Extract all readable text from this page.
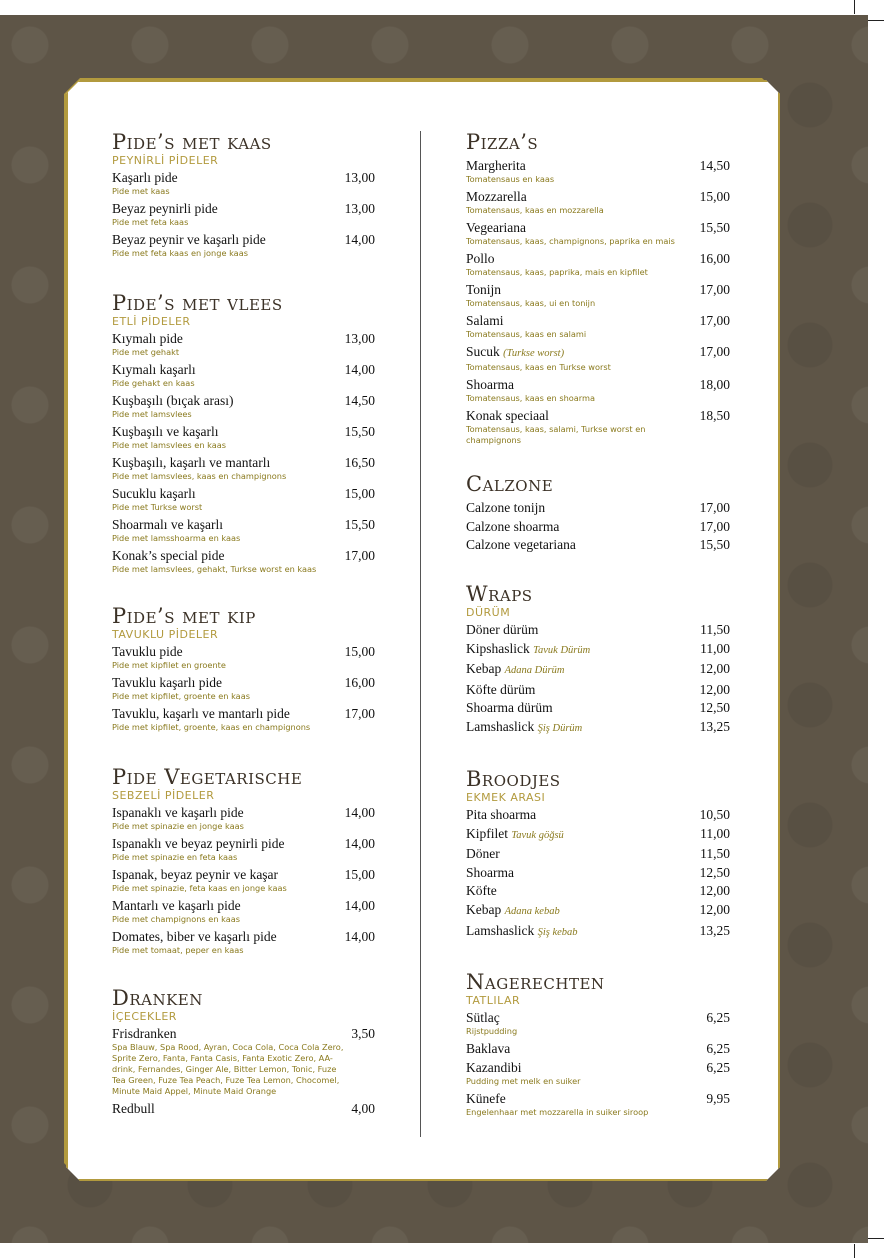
Pide’s met kaas
PEYNİRLİ PİDELER
Kaşarlı pide	13,00
Pide met kaas
Beyaz peynirli pide	13,00
Pide met feta kaas
Beyaz peynir ve kaşarlı pide	14,00
Pide met feta kaas en jonge kaas
Pide’s met vlees
ETLİ PİDELER
Kıymalı pide	13,00
Pide met gehakt
Kıymalı kaşarlı	14,00
Pide gehakt en kaas
Kuşbaşılı (bıçak arası)	14,50
Pide met lamsvlees
Kuşbaşılı ve kaşarlı	15,50
Pide met lamsvlees en kaas
Kuşbaşılı, kaşarlı ve mantarlı	16,50
Pide met lamsvlees, kaas en champignons
Sucuklu kaşarlı	15,00
Pide met Turkse worst
Shoarmalı ve kaşarlı	15,50
Pide met lamsshoarma en kaas
Konak’s special pide	17,00
Pide met lamsvlees, gehakt, Turkse worst en kaas
Pide’s met kip
TAVUKLU PİDELER
Tavuklu pide	15,00
Pide met kipfilet en groente
Tavuklu kaşarlı pide	16,00
Pide met kipfilet, groente en kaas
Tavuklu, kaşarlı ve mantarlı pide	17,00
Pide met kipfilet, groente, kaas en champignons
Pide Vegetarische
SEBZELİ PİDELER
Ispanaklı ve kaşarlı pide	14,00
Pide met spinazie en jonge kaas
Ispanaklı ve beyaz peynirli pide	14,00
Pide met spinazie en feta kaas
Ispanak, beyaz peynir ve kaşar	15,00
Pide met spinazie, feta kaas en jonge kaas
Mantarlı ve kaşarlı pide	14,00
Pide met champignons en kaas
Domates, biber ve kaşarlı pide	14,00
Pide met tomaat, peper en kaas
Dranken
İÇECEKLER
Frisdranken	3,50
Spa Blauw, Spa Rood, Ayran, Coca Cola, Coca Cola Zero, Sprite Zero, Fanta, Fanta Casis, Fanta Exotic Zero, AA-drink, Fernandes, Ginger Ale, Bitter Lemon, Tonic, Fuze Tea Green, Fuze Tea Peach, Fuze Tea Lemon, Chocomel, Minute Maid Appel, Minute Maid Orange
Redbull	4,00
Pizza’s
Margherita	14,50
Tomatensaus en kaas
Mozzarella	15,00
Tomatensaus, kaas en mozzarella
Vegeariana	15,50
Tomatensaus, kaas, champignons, paprika en mais
Pollo	16,00
Tomatensaus, kaas, paprika, mais en kipfilet
Tonijn	17,00
Tomatensaus, kaas, ui en tonijn
Salami	17,00
Tomatensaus, kaas en salami
Sucuk (Turkse worst)	17,00
Tomatensaus, kaas en Turkse worst
Shoarma	18,00
Tomatensaus, kaas en shoarma
Konak speciaal	18,50
Tomatensaus, kaas, salami, Turkse worst en champignons
Calzone
Calzone tonijn	17,00
Calzone shoarma	17,00
Calzone vegetariana	15,50
Wraps
DÜRÜM
Döner dürüm	11,50
Kipshaslick Tavuk Dürüm	11,00
Kebap Adana Dürüm	12,00
Köfte dürüm	12,00
Shoarma dürüm	12,50
Lamshaslick Şiş Dürüm	13,25
Broodjes
EKMEK ARASI
Pita shoarma	10,50
Kipfilet Tavuk göğsü	11,00
Döner	11,50
Shoarma	12,50
Köfte	12,00
Kebap Adana kebab	12,00
Lamshaslick Şiş kebab	13,25
Nagerechten
TATLILAR
Sütlaç	6,25
Rijstpudding
Baklava	6,25
Kazandibi	6,25
Pudding met melk en suiker
Künefe	9,95
Engelenhaar met mozzarella in suiker siroop
